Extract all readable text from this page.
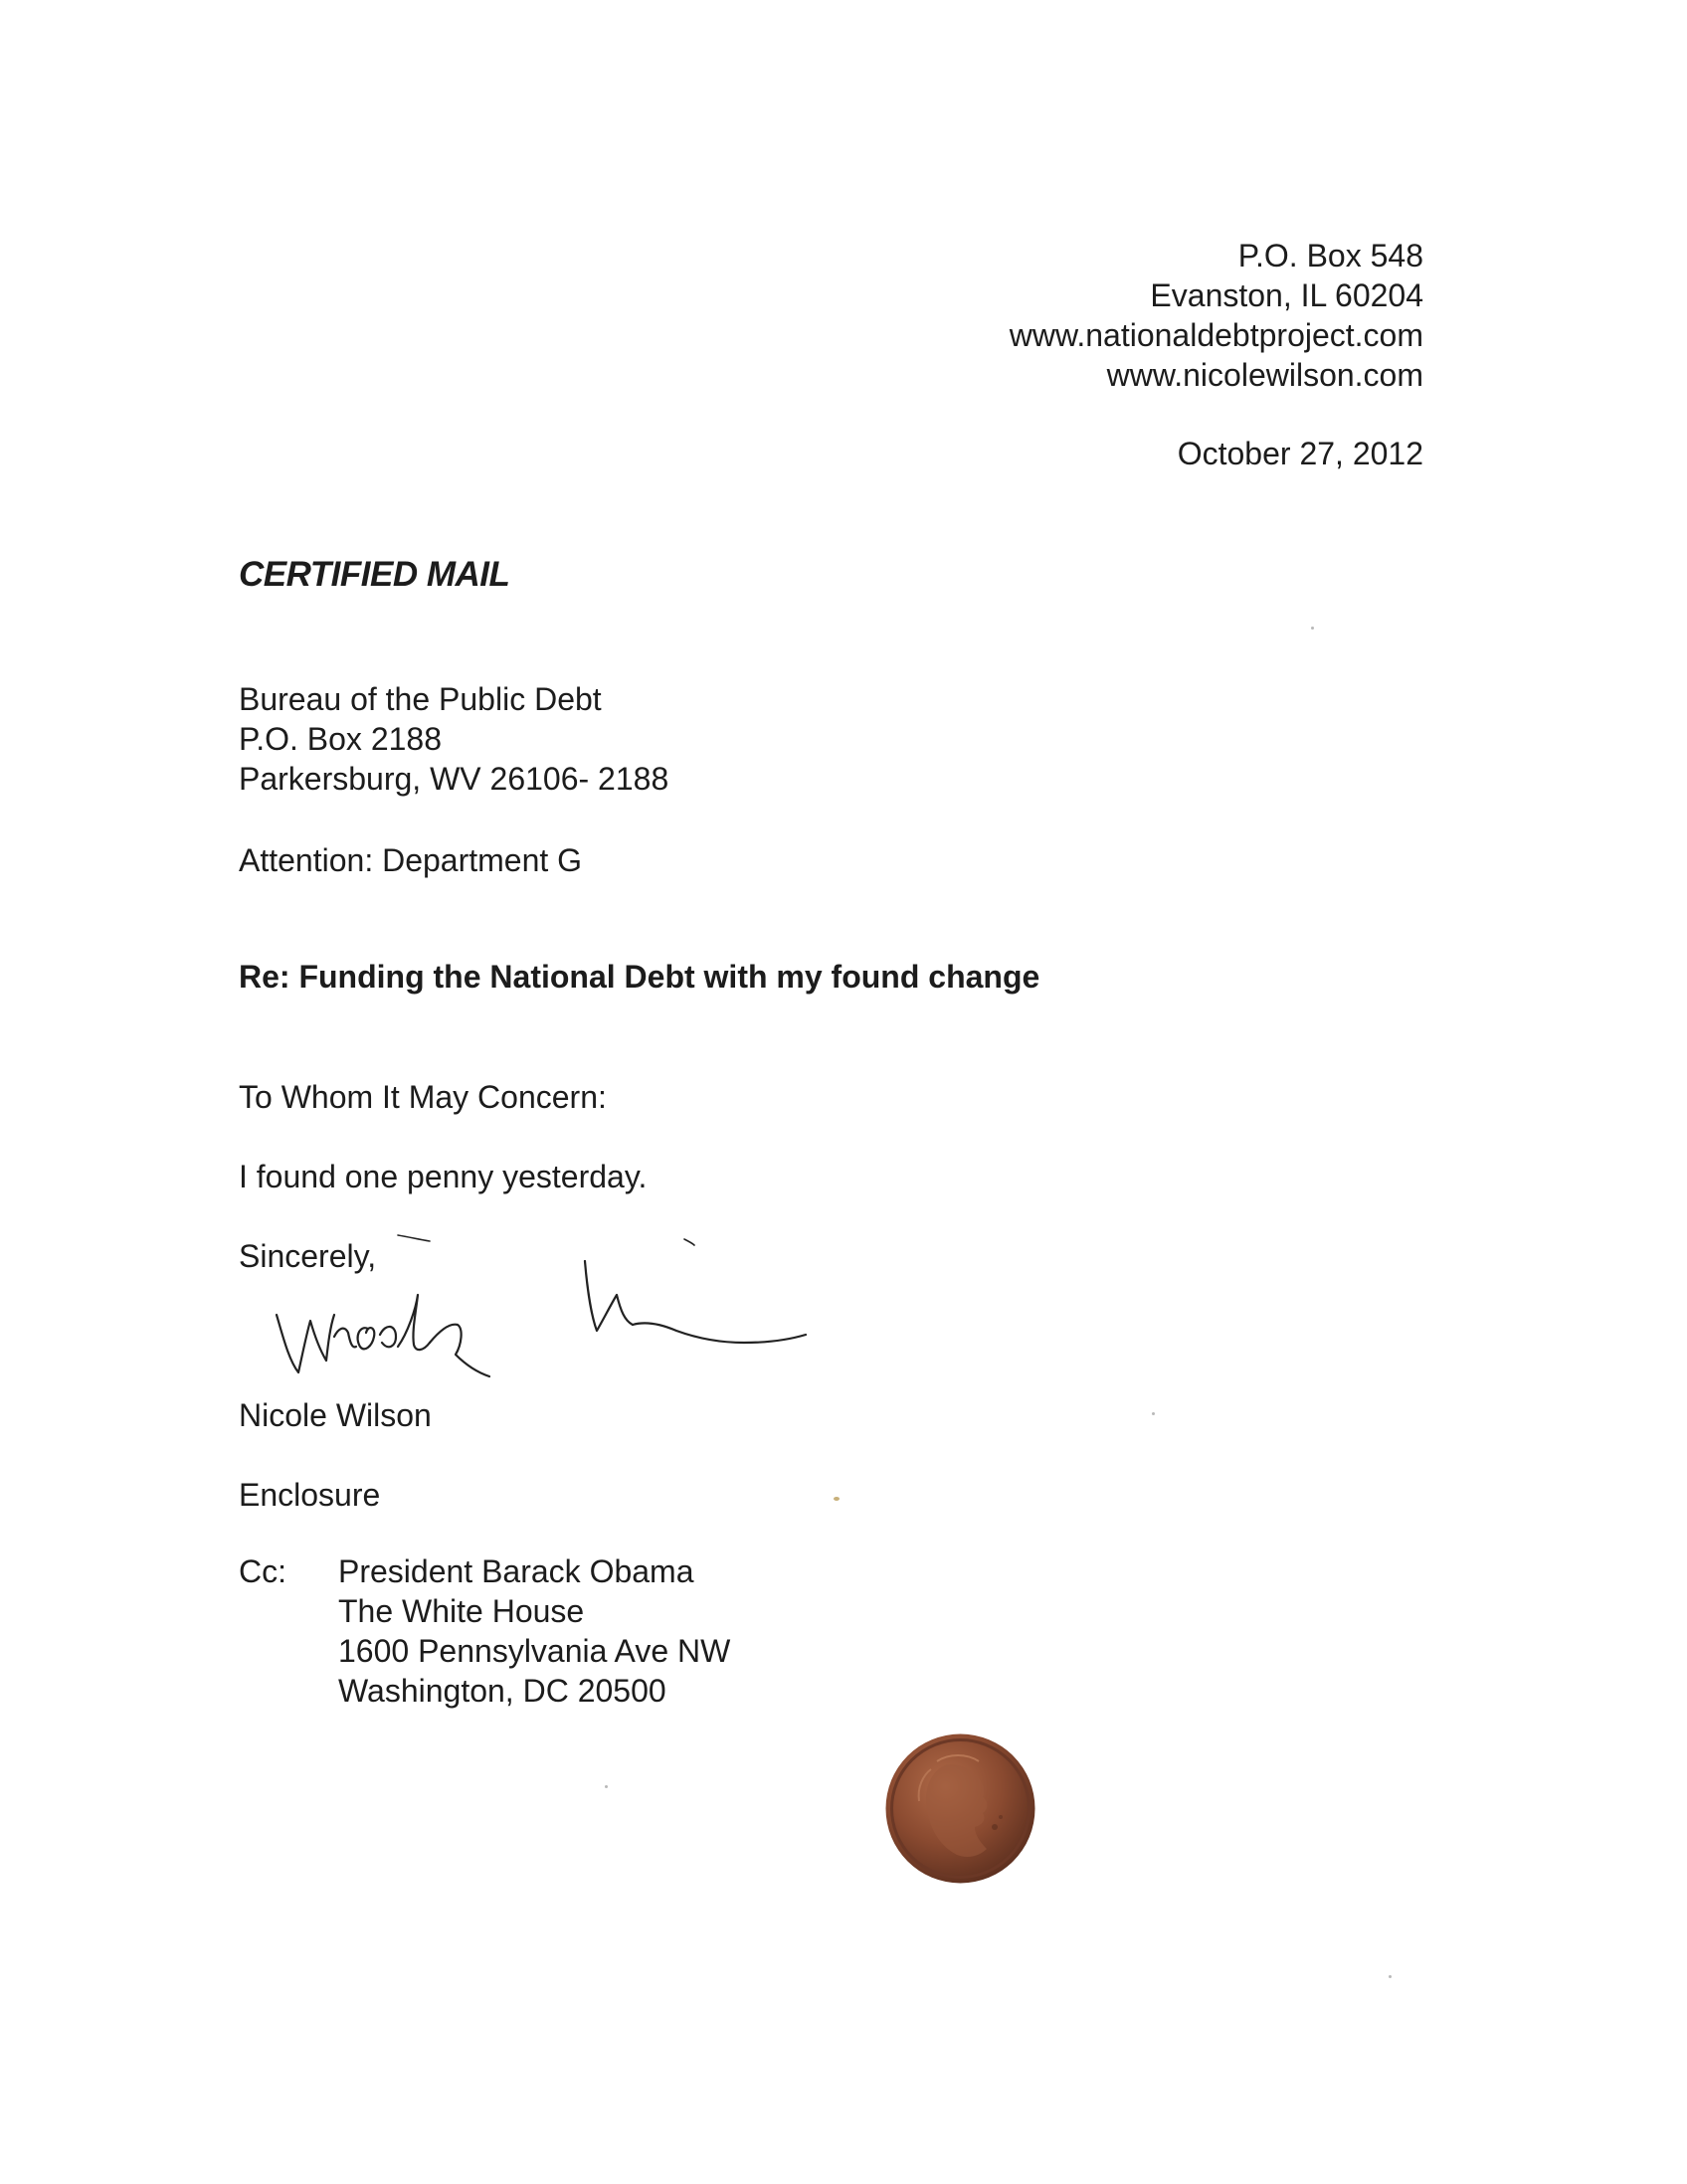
P.O. Box 548
Evanston, IL 60204
www.nationaldebtproject.com
www.nicolewilson.com
October 27, 2012
CERTIFIED MAIL
Bureau of the Public Debt
P.O. Box 2188
Parkersburg, WV 26106- 2188
Attention: Department G
Re: Funding the National Debt with my found change
To Whom It May Concern:
I found one penny yesterday.
Sincerely,
Nicole Wilson
Enclosure
Cc: President Barack Obama
The White House
1600 Pennsylvania Ave NW
Washington, DC 20500
